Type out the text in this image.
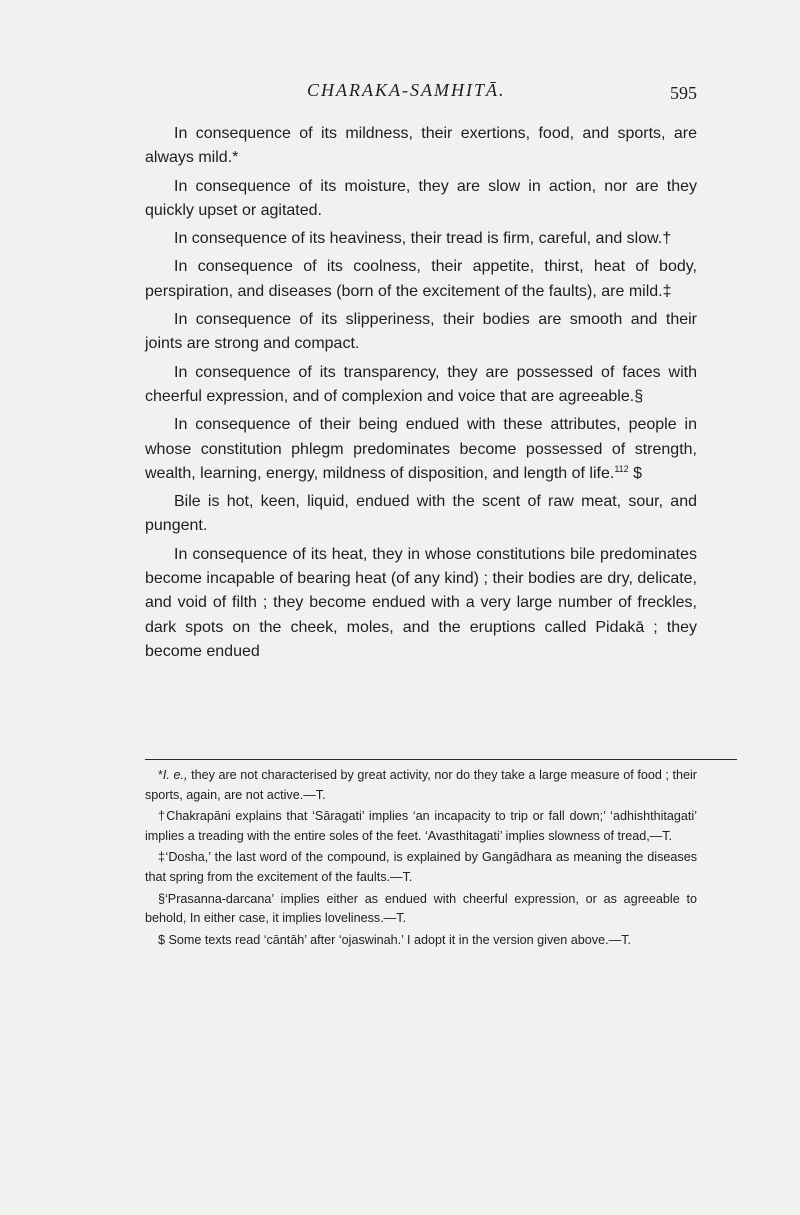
CHARAKA-SAMHITĀ.	595

In consequence of its mildness, their exertions, food, and sports, are always mild.*

In consequence of its moisture, they are slow in action, nor are they quickly upset or agitated.

In consequence of its heaviness, their tread is firm, careful, and slow.†

In consequence of its coolness, their appetite, thirst, heat of body, perspiration, and diseases (born of the excitement of the faults), are mild.‡

In consequence of its slipperiness, their bodies are smooth and their joints are strong and compact.

In consequence of its transparency, they are possessed of faces with cheerful expression, and of complexion and voice that are agreeable.§

In consequence of their being endued with these attributes, people in whose constitution phlegm predominates become possessed of strength, wealth, learning, energy, mildness of disposition, and length of life.$^{112}$ $

Bile is hot, keen, liquid, endued with the scent of raw meat, sour, and pungent.

In consequence of its heat, they in whose constitutions bile predominates become incapable of bearing heat (of any kind) ; their bodies are dry, delicate, and void of filth ; they become endued with a very large number of freckles, dark spots on the cheek, moles, and the eruptions called Pidakā ; they become endued

*I. e., they are not characterised by great activity, nor do they take a large measure of food ; their sports, again, are not active.—T.

†Chakrapāni explains that ‘Sāragati’ implies ‘an incapacity to trip or fall down;’ ‘adhishthitagati’ implies a treading with the entire soles of the feet. ‘Avasthitagati’ implies slowness of tread,—T.

‡‘Dosha,’ the last word of the compound, is explained by Gangādhara as meaning the diseases that spring from the excitement of the faults.—T.

§‘Prasanna-darcana’ implies either as endued with cheerful expression, or as agreeable to behold, In either case, it implies loveliness.—T.

$ Some texts read ‘cāntāh’ after ‘ojaswinah.’ I adopt it in the version given above.—T.
